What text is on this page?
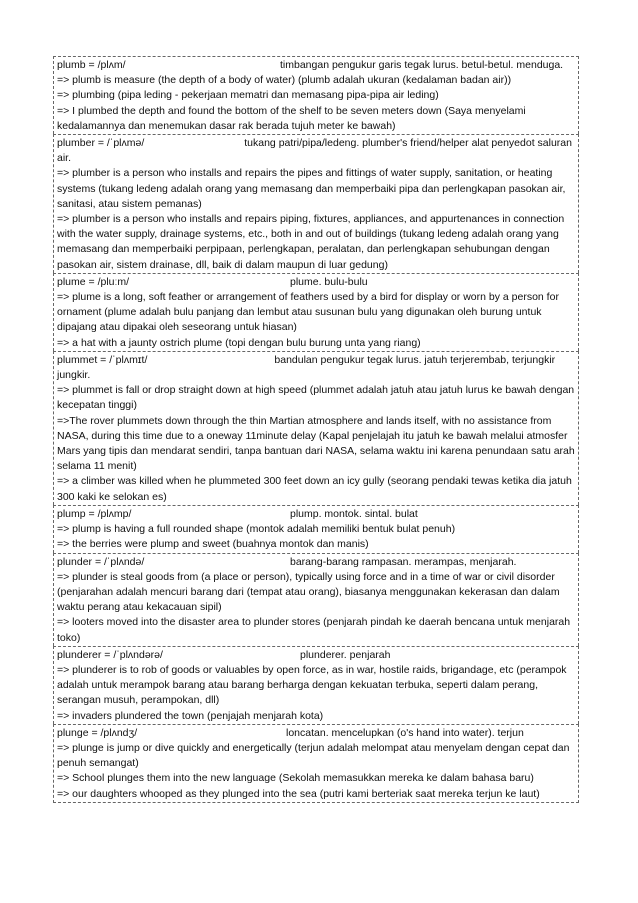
plumb = /plʌm/	timbangan pengukur garis tegak lurus. betul-betul. menduga.

=> plumb is measure (the depth of a body of water) (plumb adalah ukuran (kedalaman badan air))

=> plumbing (pipa leding - pekerjaan mematri dan memasang pipa-pipa air leding)

=> I plumbed the depth and found the bottom of the shelf to be seven meters down (Saya menyelami kedalamannya dan menemukan dasar rak berada tujuh meter ke bawah)

plumber = /ˈplʌmə/	tukang patri/pipa/ledeng. plumber's friend/helper alat penyedot saluran air.

=> plumber is a person who installs and repairs the pipes and fittings of water supply, sanitation, or heating systems (tukang ledeng adalah orang yang memasang dan memperbaiki pipa dan perlengkapan pasokan air, sanitasi, atau sistem pemanas)

=> plumber is a person who installs and repairs piping, fixtures, appliances, and appurtenances in connection with the water supply, drainage systems, etc., both in and out of buildings (tukang ledeng adalah orang yang memasang dan memperbaiki perpipaan, perlengkapan, peralatan, dan perlengkapan sehubungan dengan pasokan air, sistem drainase, dll, baik di dalam maupun di luar gedung)

plume = /pluːm/	plume. bulu-bulu

=> plume is a long, soft feather or arrangement of feathers used by a bird for display or worn by a person for ornament (plume adalah bulu panjang dan lembut atau susunan bulu yang digunakan oleh burung untuk dipajang atau dipakai oleh seseorang untuk hiasan)

=> a hat with a jaunty ostrich plume (topi dengan bulu burung unta yang riang)

plummet = /ˈplʌmɪt/	bandulan pengukur tegak lurus. jatuh terjerembab, terjungkir jungkir.

=> plummet is fall or drop straight down at high speed (plummet adalah jatuh atau jatuh lurus ke bawah dengan kecepatan tinggi)

=>The rover plummets down through the thin Martian atmosphere and lands itself, with no assistance from NASA, during this time due to a oneway 11minute delay (Kapal penjelajah itu jatuh ke bawah melalui atmosfer Mars yang tipis dan mendarat sendiri, tanpa bantuan dari NASA, selama waktu ini karena penundaan satu arah selama 11 menit)

=> a climber was killed when he plummeted 300 feet down an icy gully (seorang pendaki tewas ketika dia jatuh 300 kaki ke selokan es)

plump = /plʌmp/	plump. montok. sintal. bulat

=> plump is having a full rounded shape (montok adalah memiliki bentuk bulat penuh)

=> the berries were plump and sweet (buahnya montok dan manis)

plunder = /ˈplʌndə/	barang-barang rampasan. merampas, menjarah.

=> plunder is steal goods from (a place or person), typically using force and in a time of war or civil disorder (penjarahan adalah mencuri barang dari (tempat atau orang), biasanya menggunakan kekerasan dan dalam waktu perang atau kekacauan sipil)

=> looters moved into the disaster area to plunder stores (penjarah pindah ke daerah bencana untuk menjarah toko)

plunderer = /ˈplʌndərə/	plunderer. penjarah

=> plunderer is to rob of goods or valuables by open force, as in war, hostile raids, brigandage, etc (perampok adalah untuk merampok barang atau barang berharga dengan kekuatan terbuka, seperti dalam perang, serangan musuh, perampokan, dll)

=> invaders plundered the town (penjajah menjarah kota)

plunge = /plʌndʒ/	loncatan. mencelupkan (o's hand into water). terjun

=> plunge is jump or dive quickly and energetically (terjun adalah melompat atau menyelam dengan cepat dan penuh semangat)

=> School plunges them into the new language (Sekolah memasukkan mereka ke dalam bahasa baru)

=> our daughters whooped as they plunged into the sea (putri kami berteriak saat mereka terjun ke laut)
